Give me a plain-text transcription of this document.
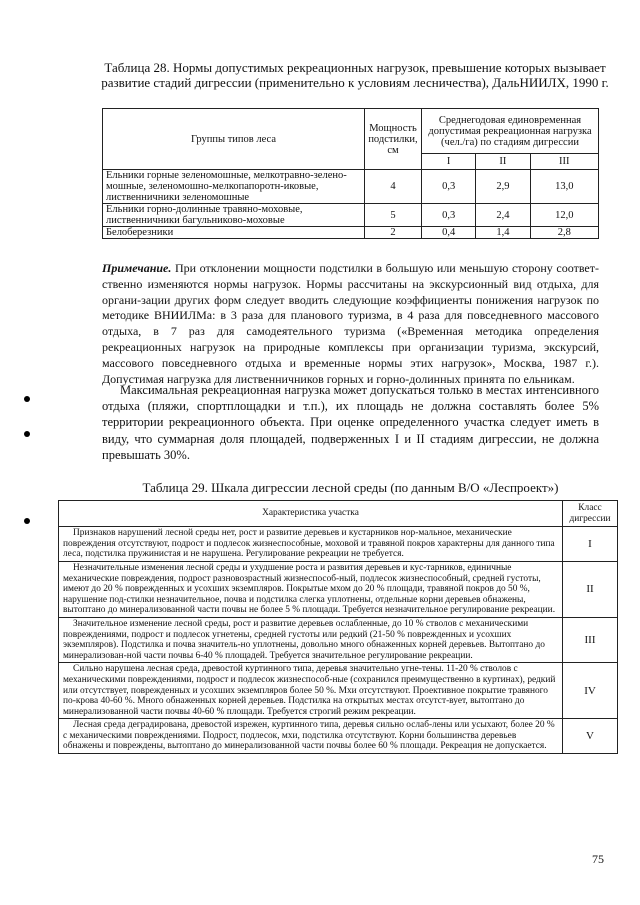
Таблица 28. Нормы допустимых рекреационных нагрузок, превышение которых вызывает развитие стадий дигрессии (применительно к условиям лесничества), ДальНИИЛХ, 1990 г.
Группы типов леса	Мощность подстилки, см	Среднегодовая единовременная допустимая рекреационная нагрузка (чел./га) по стадиям дигрессии		
		I	II	III
Ельники горные зеленомошные, мелкотравно-зелено-мошные, зеленомошно-мелкопапоротн-иковые, лиственничники зеленомошные	4	0,3	2,9	13,0
Ельники горно-долинные травяно-моховые, лиственничники багульниково-моховые	5	0,3	2,4	12,0
Белоберезники	2	0,4	1,4	2,8
Примечание. При отклонении мощности подстилки в большую или меньшую сторону соответ-ственно изменяются нормы нагрузок. Нормы рассчитаны на экскурсионный вид отдыха, для органи-зации других форм следует вводить следующие коэффициенты понижения нагрузок по методике ВНИИЛМа: в 3 раза для планового туризма, в 4 раза для повседневного массового отдыха, в 7 раз для самодеятельного туризма («Временная методика определения рекреационных нагрузок на природные комплексы при организации туризма, экскурсий, массового повседневного отдыха и временные нормы этих нагрузок», Москва, 1987 г.). Допустимая нагрузка для лиственничников горных и горно-долинных принята по ельникам.
Максимальная рекреационная нагрузка может допускаться только в местах интенсивного отдыха (пляжи, спортплощадки и т.п.), их площадь не должна составлять более 5% территории рекреационного объекта. При оценке определенного участка следует иметь в виду, что суммарная доля площадей, подверженных I и II стадиям дигрессии, не должна превышать 30%.
Таблица 29. Шкала дигрессии лесной среды (по данным В/О «Леспроект»)
Характеристика участка	Класс дигрессии
Признаков нарушений лесной среды нет, рост и развитие деревьев и кустарников нор-мальное, механические повреждения отсутствуют, подрост и подлесок жизнеспособные, моховой и травяной покров характерны для данного типа леса, подстилка пружинистая и не нарушена. Регулирование рекреации не требуется.	I
Незначительные изменения лесной среды и ухудшение роста и развития деревьев и кус-тарников, единичные механические повреждения, подрост разновозрастный жизнеспособ-ный, подлесок жизнеспособный, средней густоты, имеют до 20 % поврежденных и усохших экземпляров. Покрытые мхом до 20 % площади, травяной покров до 50 %, нарушение под-стилки незначительное, почва и подстилка слегка уплотнены, отдельные корни деревьев обнажены, вытоптано до минерализованной части почвы не более 5 % площади. Требуется незначительное регулирование рекреации.	II
Значительное изменение лесной среды, рост и развитие деревьев ослабленные, до 10 % стволов с механическими повреждениями, подрост и подлесок угнетены, средней густоты или редкий (21-50 % поврежденных и усохших экземпляров). Подстилка и почва значитель-но уплотнены, довольно много обнаженных корней деревьев. Вытоптано до минерализован-ной части почвы 6-40 % площадей. Требуется значительное регулирование рекреации.	III
Сильно нарушена лесная среда, древостой куртинного типа, деревья значительно угне-тены. 11-20 % стволов с механическими повреждениями, подрост и подлесок жизнеспособ-ные (сохранился преимущественно в куртинах), редкий или отсутствует, поврежденных и усохших экземпляров более 50 %. Мхи отсутствуют. Проективное покрытие травяного по-крова 40-60 %. Много обнаженных корней деревьев. Подстилка на открытых местах отсутст-вует, вытоптано до минерализованной части почвы 40-60 % площади. Требуется строгий режим рекреации.	IV
Лесная среда деградирована, древостой изрежен, куртинного типа, деревья сильно ослаб-лены или усыхают, более 20 % с механическими повреждениями. Подрост, подлесок, мхи, подстилка отсутствуют. Корни большинства деревьев обнажены и повреждены, вытоптано до минерализованной части почвы более 60 % площади. Рекреация не допускается.	V
75
